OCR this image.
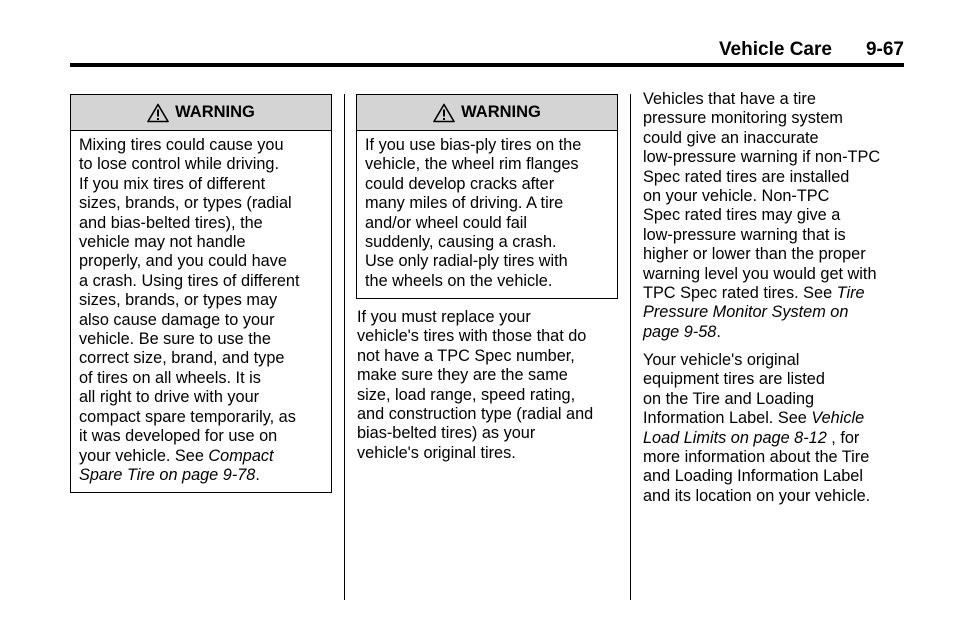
Vehicle Care 9-67
WARNING
Mixing tires could cause you
to lose control while driving.
If you mix tires of different
sizes, brands, or types (radial
and bias-belted tires), the
vehicle may not handle
properly, and you could have
a crash. Using tires of different
sizes, brands, or types may
also cause damage to your
vehicle. Be sure to use the
correct size, brand, and type
of tires on all wheels. It is
all right to drive with your
compact spare temporarily, as
it was developed for use on
your vehicle. See Compact
Spare Tire on page 9-78.
WARNING
If you use bias-ply tires on the
vehicle, the wheel rim flanges
could develop cracks after
many miles of driving. A tire
and/or wheel could fail
suddenly, causing a crash.
Use only radial-ply tires with
the wheels on the vehicle.
If you must replace your
vehicle's tires with those that do
not have a TPC Spec number,
make sure they are the same
size, load range, speed rating,
and construction type (radial and
bias-belted tires) as your
vehicle's original tires.
Vehicles that have a tire
pressure monitoring system
could give an inaccurate
low-pressure warning if non-TPC
Spec rated tires are installed
on your vehicle. Non-TPC
Spec rated tires may give a
low-pressure warning that is
higher or lower than the proper
warning level you would get with
TPC Spec rated tires. See Tire
Pressure Monitor System on
page 9-58.
Your vehicle's original
equipment tires are listed
on the Tire and Loading
Information Label. See Vehicle
Load Limits on page 8-12 , for
more information about the Tire
and Loading Information Label
and its location on your vehicle.
